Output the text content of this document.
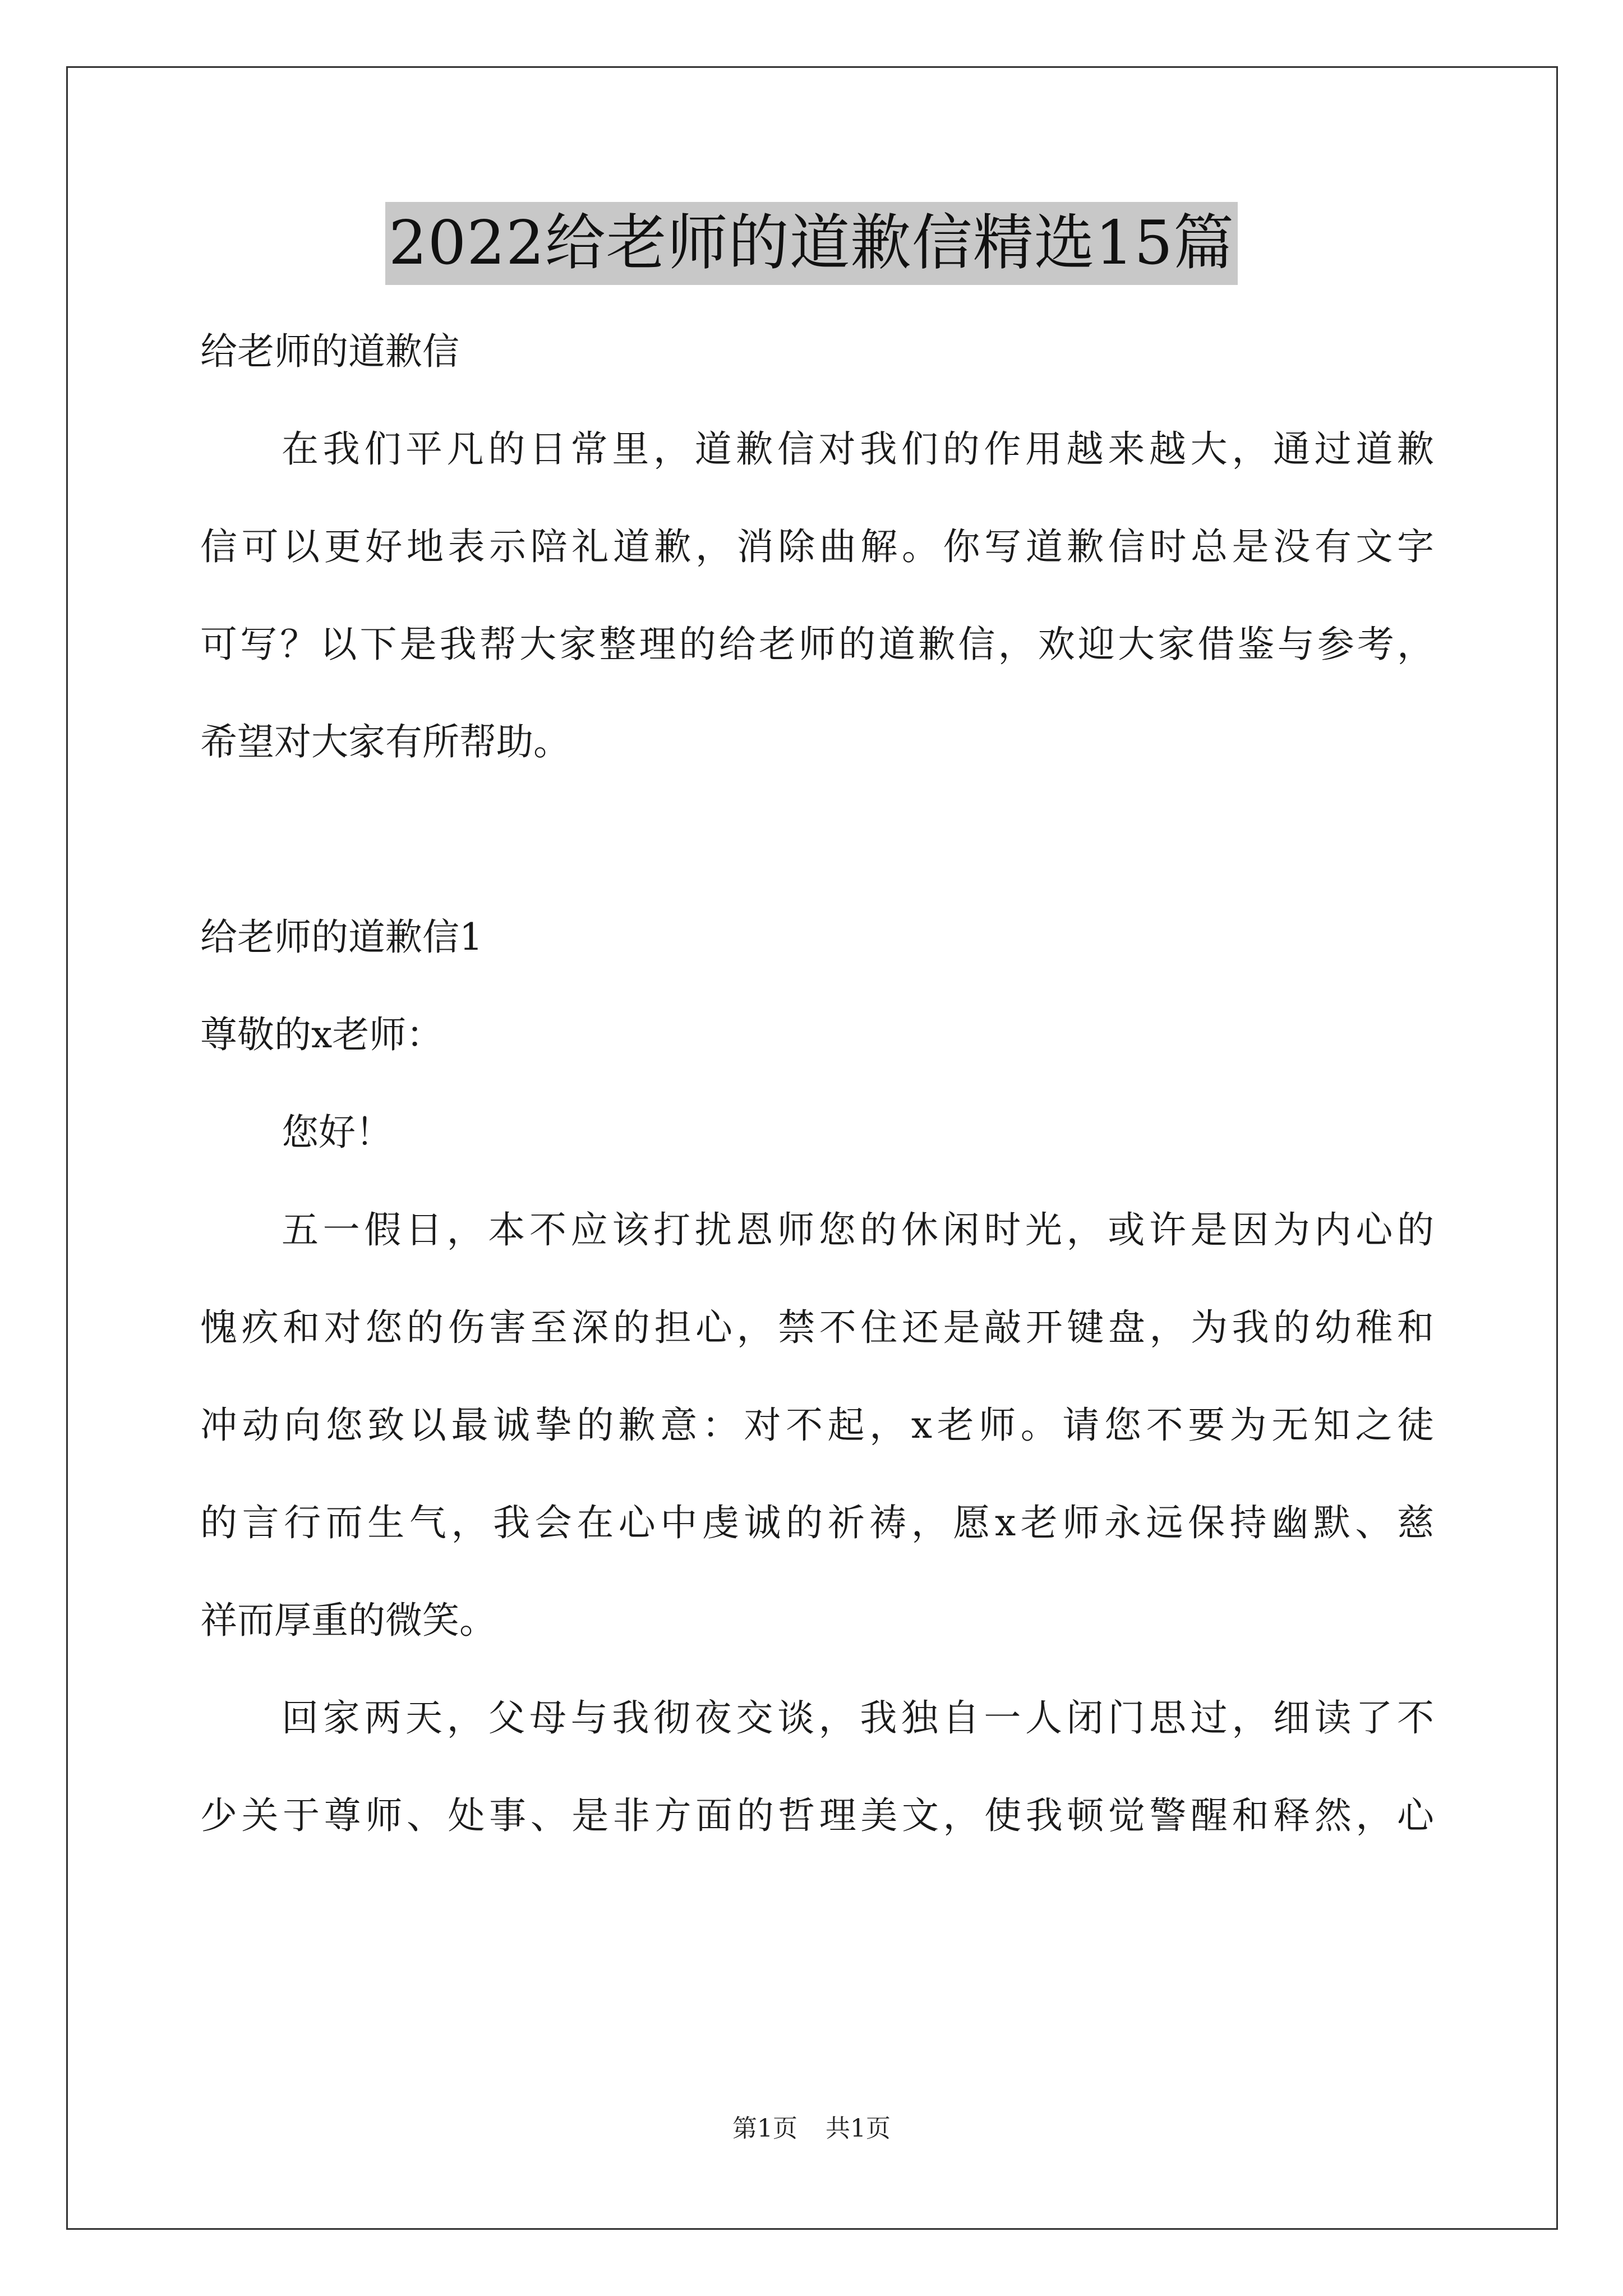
2022给老师的道歉信精选15篇
给老师的道歉信
在我们平凡的日常里，道歉信对我们的作用越来越大，通过道歉
信可以更好地表示陪礼道歉，消除曲解。你写道歉信时总是没有文字
可写？以下是我帮大家整理的给老师的道歉信，欢迎大家借鉴与参考，
希望对大家有所帮助。
给老师的道歉信1
尊敬的x老师：
您好！
五一假日，本不应该打扰恩师您的休闲时光，或许是因为内心的
愧疚和对您的伤害至深的担心，禁不住还是敲开键盘，为我的幼稚和
冲动向您致以最诚挚的歉意：对不起，x老师。请您不要为无知之徒
的言行而生气，我会在心中虔诚的祈祷，愿x老师永远保持幽默、慈
祥而厚重的微笑。
回家两天，父母与我彻夜交谈，我独自一人闭门思过，细读了不
少关于尊师、处事、是非方面的哲理美文，使我顿觉警醒和释然，心
第1页 共1页
